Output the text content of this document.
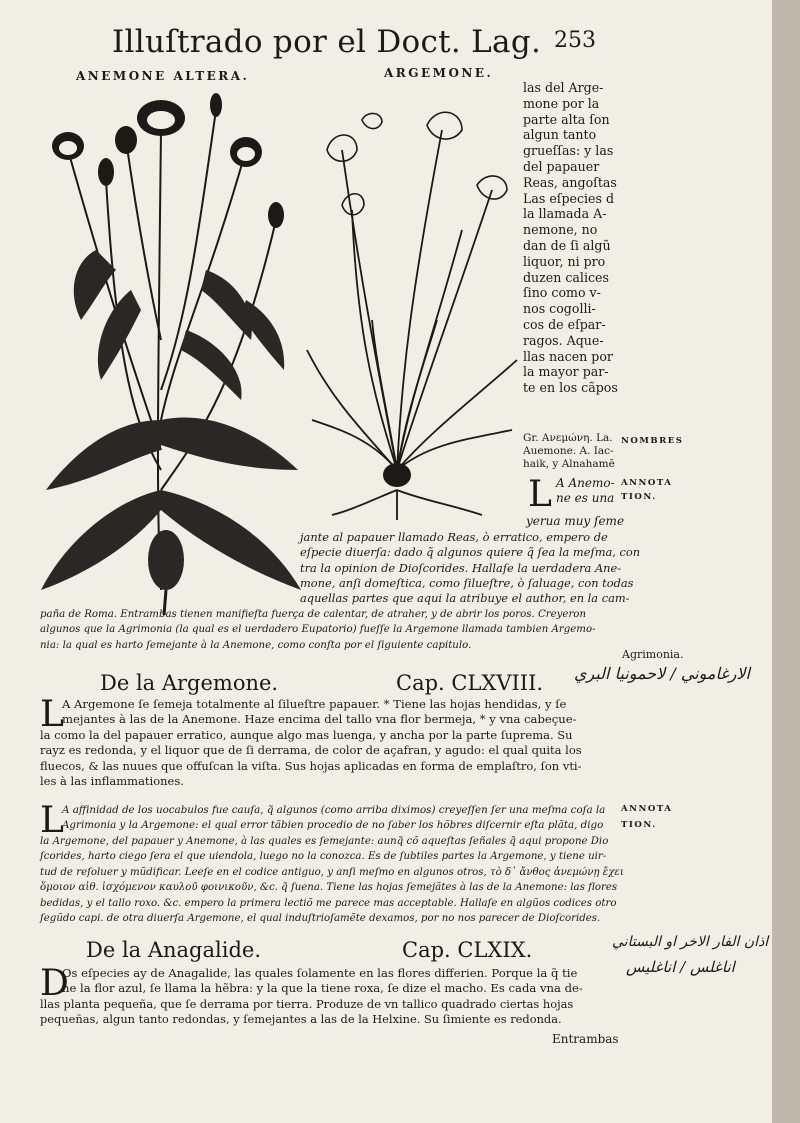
Illuſtrado por el Doct. Lag. 253

ANEMONE ALTERA.	ARGEMONE.

las del Arge-
mone por la
parte alta ſon
algun tanto
grueſſas: y las
del papauer
Reas, angoſtas
Las eſpecies d
la llamada A-
nemone, no
dan de ſi algũ
liquor, ni pro
duzen calices
ſino como v-
nos cogolli-
cos de eſpar-
ragos. Aque-
llas nacen por
la mayor par-
te en los cãpos
Gr. Ανεμώνη. La.
Auemone. A. Iac-
haik, y Alnahamẽ

NOMBRES

ANNOTA

TION.

L A Anemo-
ne es una
yerua muy ſeme
jante al papauer llamado Reas, ò erratico, empero de
eſpecie diuerſa: dado q̃ algunos quiere q̃ ſea la meſma, con
tra la opinion de Dioſcorides. Hallaſe la uerdadera Ane-
mone, anſi domeſtica, como ſilueſtre, ò ſaluage, con todas
aquellas partes que aqui la atribuye el author, en la cam-
paña de Roma. Entrambas tienen manifieſta fuerça de calentar, de atraher, y de abrir los poros. Creyeron
algunos que la Agrimonia (la qual es el uerdadero Eupatorio) fueſſe la Argemone llamada tambien Argemo-
nia: la qual es harto ſemejante à la Anemone, como conſta por el ſiguiente capitulo.

Agrimonia.

De la Argemone.	Cap. CLXVIII. الارغاموني / لاحمونيا البري

L
A Argemone ſe ſemeja totalmente al ſilueſtre papauer. * Tiene las hojas hendidas, y ſe
mejantes à las de la Anemone. Haze encima del tallo vna flor bermeja, * y vna cabeçue-
la como la del papauer erratico, aunque algo mas luenga, y ancha por la parte ſuprema. Su
rayz es redonda, y el liquor que de ſi derrama, de color de açafran, y agudo: el qual quita los
fluecos, & las nuues que offuſcan la viſta. Sus hojas aplicadas en forma de emplaſtro, ſon vti-
les à las inflammationes.

ANNOTA

TION.

L
A affinidad de los uocabulos fue cauſa, q̃ algunos (como arriba diximos) creyeſſen ſer una meſma coſa la
Agrimonia y la Argemone: el qual error tãbien procedio de no ſaber los hõbres diſcernir eſta plãta, digo
la Argemone, del papauer y Anemone, à las quales es ſemejante: aunq̃ cõ aqueſtas ſeñales q̃ aqui propone Dio
ſcorides, harto ciego ſera el que uiendola, luego no la conozca. Es de ſubtiles partes la Argemone, y tiene uir-
tud de reſoluer y mũdificar. Leeſe en el codice antiguo, y anſi meſmo en algunos otros, τὸ δ᾽ ἄνθος ἀνεμώνῃ ἔχει
ὅμοιον αἱθ. ἰσχόμενον καυλοῦ φοινικοῦν, &c. q̃ ſuena. Tiene las hojas ſemejãtes à las de la Anemone: las flores
bedidas, y el tallo roxo. &c. empero la primera lectiõ me parece mas acceptable. Hallaſe en algũos codices otro
ſegũdo capi. de otra diuerſa Argemone, el qual induſtrioſamẽte dexamos, por no nos parecer de Dioſcorides.

De la Anagalide.	Cap. CLXIX.	اذان الفار الاخر او البستاني

اناغلس / اناغليس

D
Os eſpecies ay de Anagalide, las quales ſolamente en las flores differien. Porque la q̃ tie
ne la flor azul, ſe llama la hẽbra: y la que la tiene roxa, ſe dize el macho. Es cada vna de-
llas planta pequeña, que ſe derrama por tierra. Produze de vn tallico quadrado ciertas hojas
pequeñas, algun tanto redondas, y ſemejantes a las de la Helxine. Su ſimiente es redonda.

Entrambas
